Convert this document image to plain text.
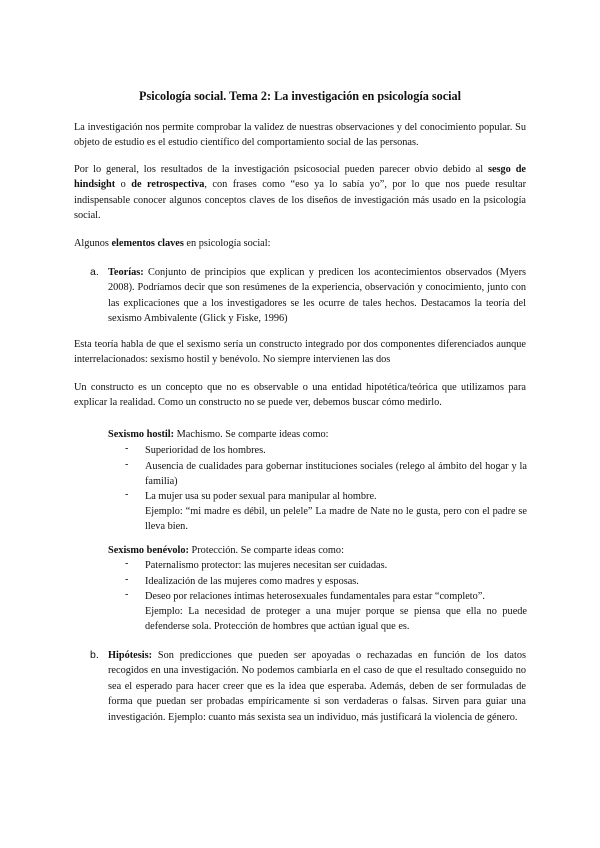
Psicología social. Tema 2: La investigación en psicología social
La investigación nos permite comprobar la validez de nuestras observaciones y del conocimiento popular. Su objeto de estudio es el estudio científico del comportamiento social de las personas.
Por lo general, los resultados de la investigación psicosocial pueden parecer obvio debido al sesgo de hindsight o de retrospectiva, con frases como “eso ya lo sabía yo”, por lo que nos puede resultar indispensable conocer algunos conceptos claves de los diseños de investigación más usado en la psicología social.
Algunos elementos claves en psicología social:
a. Teorías: Conjunto de principios que explican y predicen los acontecimientos observados (Myers 2008). Podríamos decir que son resúmenes de la experiencia, observación y conocimiento, junto con las explicaciones que a los investigadores se les ocurre de tales hechos. Destacamos la teoría del sexismo Ambivalente (Glick y Fiske, 1996)
Esta teoría habla de que el sexismo sería un constructo integrado por dos componentes diferenciados aunque interrelacionados: sexismo hostil y benévolo. No siempre intervienen las dos
Un constructo es un concepto que no es observable o una entidad hipotética/teórica que utilizamos para explicar la realidad. Como un constructo no se puede ver, debemos buscar cómo medirlo.
Sexismo hostil: Machismo. Se comparte ideas como:
- Superioridad de los hombres.
- Ausencia de cualidades para gobernar instituciones sociales (relego al ámbito del hogar y la familia)
- La mujer usa su poder sexual para manipular al hombre.
Ejemplo: “mi madre es débil, un pelele” La madre de Nate no le gusta, pero con el padre se lleva bien.
Sexismo benévolo: Protección. Se comparte ideas como:
- Paternalismo protector: las mujeres necesitan ser cuidadas.
- Idealización de las mujeres como madres y esposas.
- Deseo por relaciones íntimas heterosexuales fundamentales para estar “completo”.
Ejemplo: La necesidad de proteger a una mujer porque se piensa que ella no puede defenderse sola. Protección de hombres que actúan igual que es.
b. Hipótesis: Son predicciones que pueden ser apoyadas o rechazadas en función de los datos recogidos en una investigación. No podemos cambiarla en el caso de que el resultado conseguido no sea el esperado para hacer creer que es la idea que esperaba. Además, deben de ser formuladas de forma que puedan ser probadas empíricamente si son verdaderas o falsas. Sirven para guiar una investigación. Ejemplo: cuanto más sexista sea un individuo, más justificará la violencia de género.
